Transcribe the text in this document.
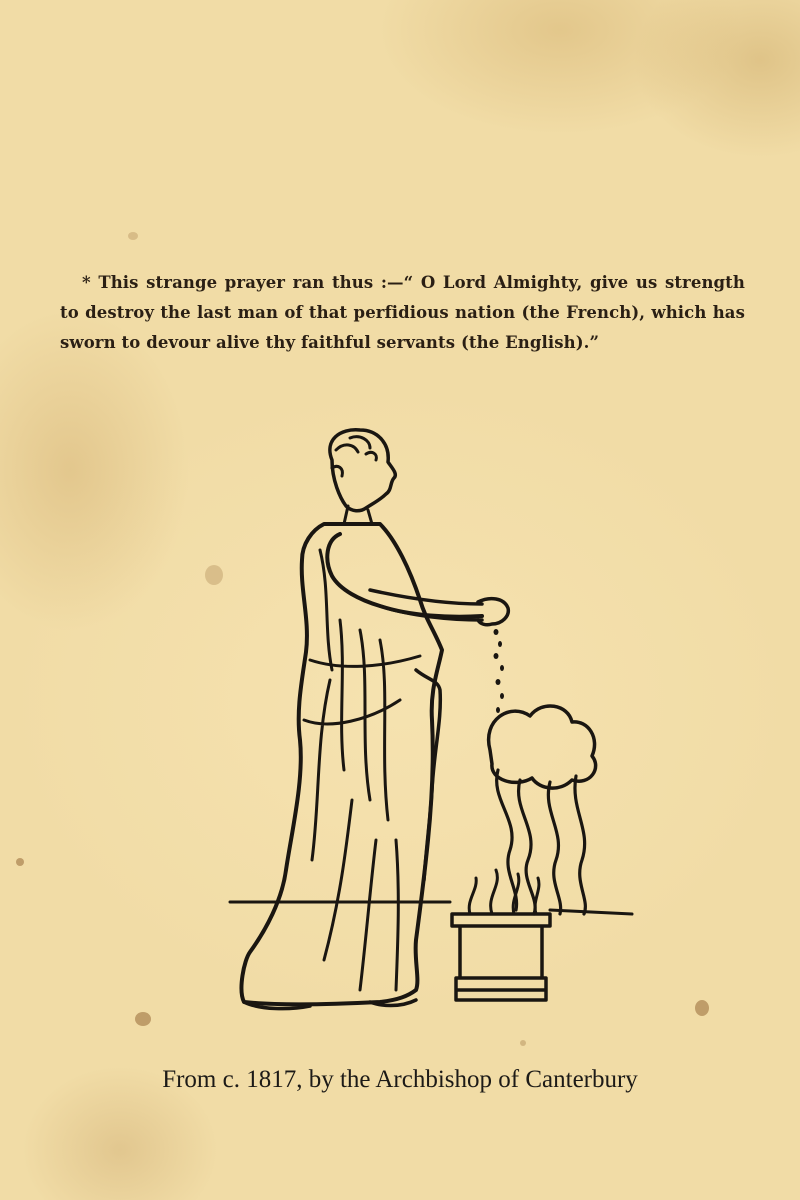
* This strange prayer ran thus :—“ O Lord Almighty, give us strength to destroy the last man of that perfidious nation (the French), which has sworn to devour alive thy faithful servants (the English).”

From c. 1817, by the Archbishop of Canterbury
